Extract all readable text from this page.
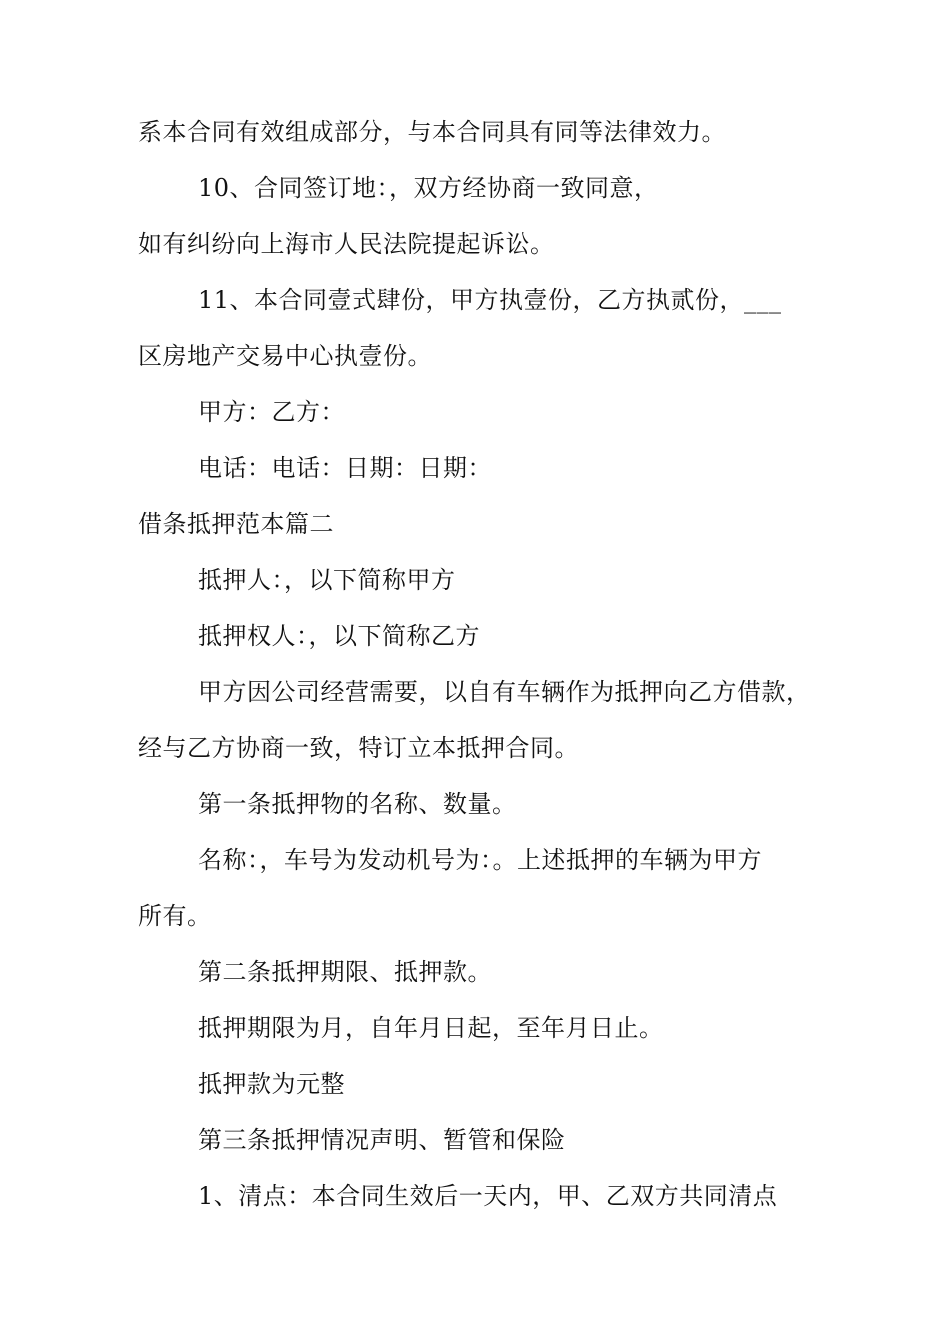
系本合同有效组成部分，与本合同具有同等法律效力。
10、合同签订地：，双方经协商一致同意，
如有纠纷向上海市人民法院提起诉讼。
11、本合同壹式肆份，甲方执壹份，乙方执贰份，___
区房地产交易中心执壹份。
甲方：乙方：
电话：电话：日期：日期：
借条抵押范本篇二
抵押人：，以下简称甲方
抵押权人：，以下简称乙方
甲方因公司经营需要，以自有车辆作为抵押向乙方借款，
经与乙方协商一致，特订立本抵押合同。
第一条抵押物的名称、数量。
名称：，车号为发动机号为：。上述抵押的车辆为甲方
所有。
第二条抵押期限、抵押款。
抵押期限为月，自年月日起，至年月日止。
抵押款为元整
第三条抵押情况声明、暂管和保险
1、清点：本合同生效后一天内，甲、乙双方共同清点
